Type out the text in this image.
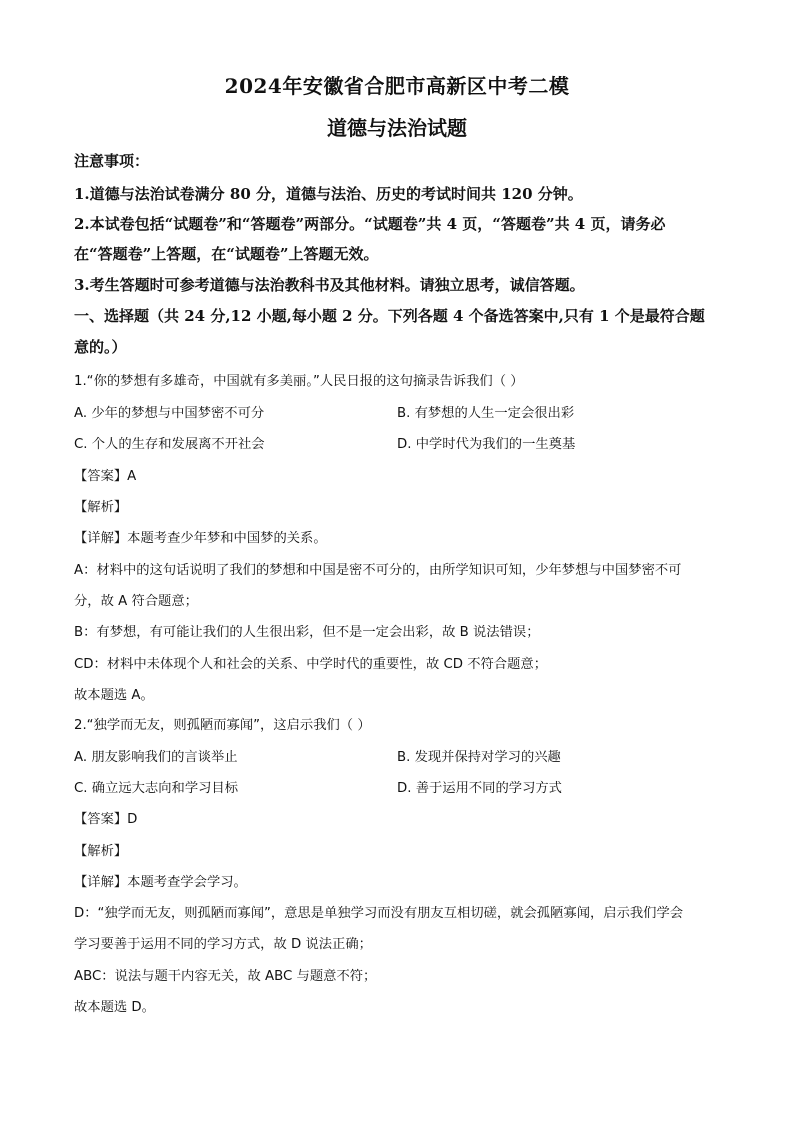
2024年安徽省合肥市高新区中考二模
道德与法治试题
注意事项：
1.道德与法治试卷满分 80 分，道德与法治、历史的考试时间共 120 分钟。
2.本试卷包括“试题卷”和“答题卷”两部分。“试题卷”共 4 页，“答题卷”共 4 页，请务必
在“答题卷”上答题，在“试题卷”上答题无效。
3.考生答题时可参考道德与法治教科书及其他材料。请独立思考，诚信答题。
一、选择题（共 24 分,12 小题,每小题 2 分。下列各题 4 个备选答案中,只有 1 个是最符合题
意的。）
1.“你的梦想有多雄奇，中国就有多美丽。”人民日报的这句摘录告诉我们（ ）
A. 少年的梦想与中国梦密不可分	B. 有梦想的人生一定会很出彩
C. 个人的生存和发展离不开社会	D. 中学时代为我们的一生奠基
【答案】A
【解析】
【详解】本题考查少年梦和中国梦的关系。
A：材料中的这句话说明了我们的梦想和中国是密不可分的，由所学知识可知，少年梦想与中国梦密不可
分，故 A 符合题意；
B：有梦想，有可能让我们的人生很出彩，但不是一定会出彩，故 B 说法错误；
CD：材料中未体现个人和社会的关系、中学时代的重要性，故 CD 不符合题意；
故本题选 A。
2.“独学而无友，则孤陋而寡闻”，这启示我们（ ）
A. 朋友影响我们的言谈举止	B. 发现并保持对学习的兴趣
C. 确立远大志向和学习目标	D. 善于运用不同的学习方式
【答案】D
【解析】
【详解】本题考查学会学习。
D：“独学而无友，则孤陋而寡闻”，意思是单独学习而没有朋友互相切磋，就会孤陋寡闻，启示我们学会
学习要善于运用不同的学习方式，故 D 说法正确；
ABC：说法与题干内容无关，故 ABC 与题意不符；
故本题选 D。
